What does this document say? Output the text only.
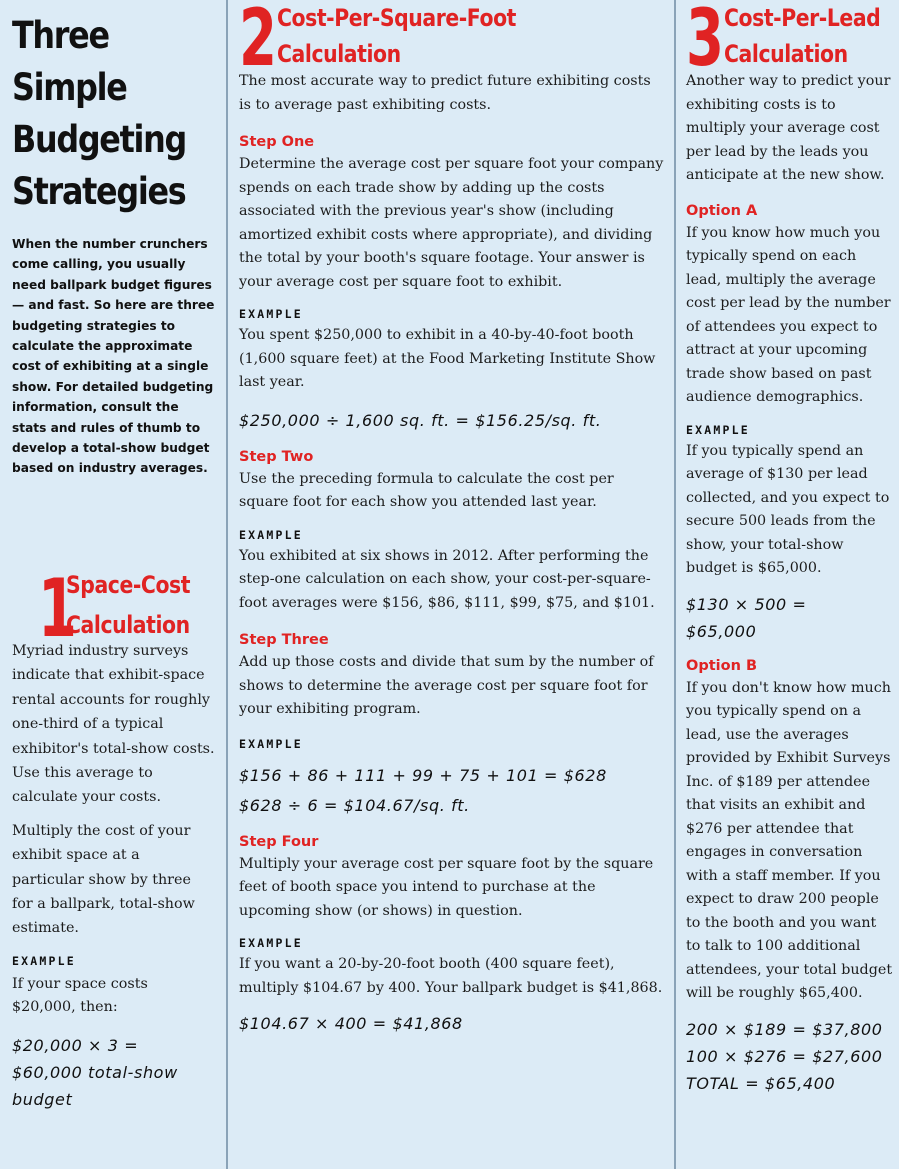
Three Simple Budgeting Strategies

When the number crunchers come calling, you usually need ballpark budget figures — and fast. So here are three budgeting strategies to calculate the approximate cost of exhibiting at a single show. For detailed budgeting information, consult the stats and rules of thumb to develop a total-show budget based on industry averages.

1
Space-Cost
Calculation

Myriad industry surveys indicate that exhibit-space rental accounts for roughly one-third of a typical exhibitor's total-show costs. Use this average to calculate your costs.

Multiply the cost of your exhibit space at a particular show by three for a ballpark, total-show estimate.

EXAMPLE

If your space costs $20,000, then:

$20,000 × 3 =

$60,000 total-show budget

2 Cost-Per-Square-Foot
Calculation

The most accurate way to predict future exhibiting costs is to average past exhibiting costs.

Step One

Determine the average cost per square foot your company spends on each trade show by adding up the costs associated with the previous year's show (including amortized exhibit costs where appropriate), and dividing the total by your booth's square footage. Your answer is your average cost per square foot to exhibit.

EXAMPLE

You spent $250,000 to exhibit in a 40-by-40-foot booth (1,600 square feet) at the Food Marketing Institute Show last year.

$250,000 ÷ 1,600 sq. ft. = $156.25/sq. ft.

Step Two

Use the preceding formula to calculate the cost per square foot for each show you attended last year.

EXAMPLE

You exhibited at six shows in 2012. After performing the step-one calculation on each show, your cost-per-square-foot averages were $156, $86, $111, $99, $75, and $101.

Step Three

Add up those costs and divide that sum by the number of shows to determine the average cost per square foot for your exhibiting program.

EXAMPLE

$156 + 86 + 111 + 99 + 75 + 101 = $628

$628 ÷ 6 = $104.67/sq. ft.

Step Four

Multiply your average cost per square foot by the square feet of booth space you intend to purchase at the upcoming show (or shows) in question.

EXAMPLE

If you want a 20-by-20-foot booth (400 square feet), multiply $104.67 by 400. Your ballpark budget is $41,868.

$104.67 × 400 = $41,868

3 Cost-Per-Lead
Calculation

Another way to predict your exhibiting costs is to multiply your average cost per lead by the leads you anticipate at the new show.

Option A

If you know how much you typically spend on each lead, multiply the average cost per lead by the number of attendees you expect to attract at your upcoming trade show based on past audience demographics.

EXAMPLE

If you typically spend an average of $130 per lead collected, and you expect to secure 500 leads from the show, your total-show budget is $65,000.

$130 × 500 =

$65,000

Option B

If you don't know how much you typically spend on a lead, use the averages provided by Exhibit Surveys Inc. of $189 per attendee that visits an exhibit and $276 per attendee that engages in conversation with a staff member. If you expect to draw 200 people to the booth and you want to talk to 100 additional attendees, your total budget will be roughly $65,400.

200 × $189 = $37,800

100 × $276 = $27,600

TOTAL = $65,400
